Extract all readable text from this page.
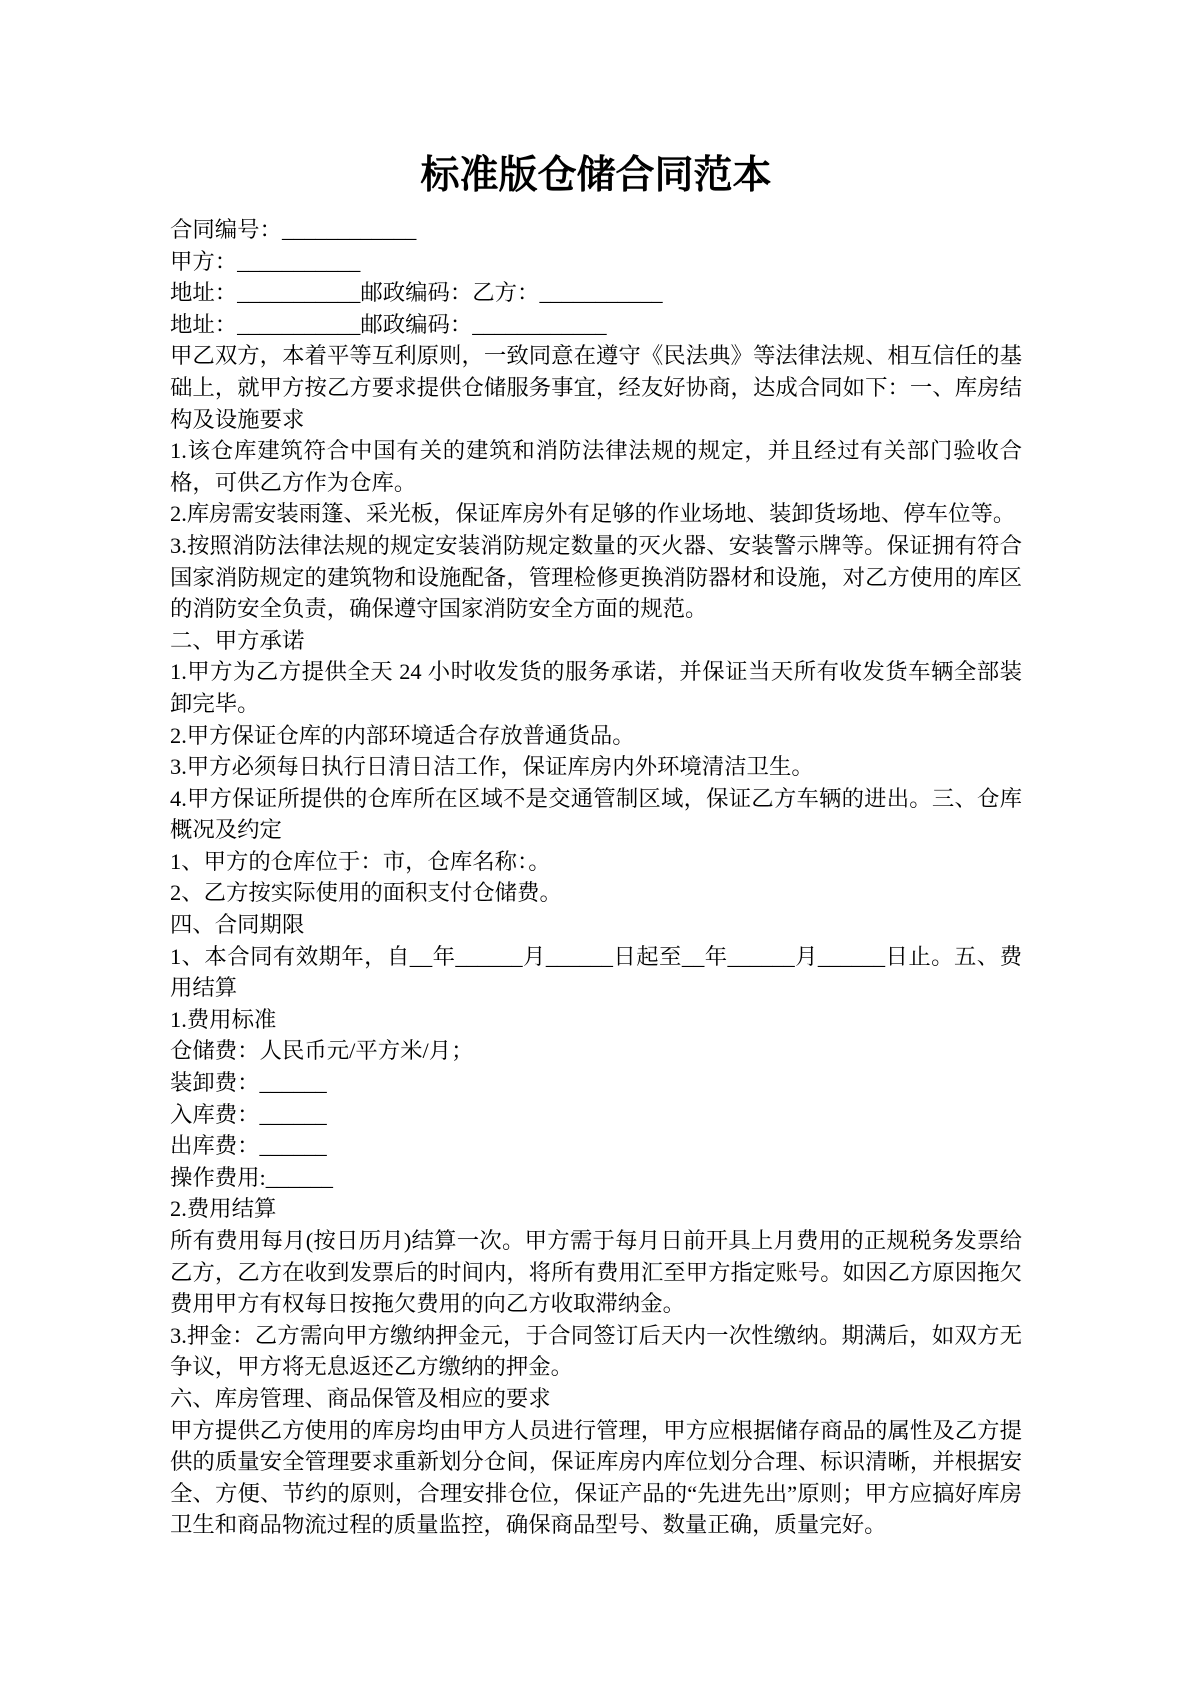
标准版仓储合同范本

合同编号：____________

甲方：___________

地址：___________邮政编码：乙方：___________

地址：___________邮政编码：____________

甲乙双方，本着平等互利原则，一致同意在遵守《民法典》等法律法规、相互信任的基础上，就甲方按乙方要求提供仓储服务事宜，经友好协商，达成合同如下：一、库房结构及设施要求

1.该仓库建筑符合中国有关的建筑和消防法律法规的规定，并且经过有关部门验收合格，可供乙方作为仓库。

2.库房需安装雨篷、采光板，保证库房外有足够的作业场地、装卸货场地、停车位等。

3.按照消防法律法规的规定安装消防规定数量的灭火器、安装警示牌等。保证拥有符合国家消防规定的建筑物和设施配备，管理检修更换消防器材和设施，对乙方使用的库区的消防安全负责，确保遵守国家消防安全方面的规范。

二、甲方承诺

1.甲方为乙方提供全天 24 小时收发货的服务承诺，并保证当天所有收发货车辆全部装卸完毕。

2.甲方保证仓库的内部环境适合存放普通货品。

3.甲方必须每日执行日清日洁工作，保证库房内外环境清洁卫生。

4.甲方保证所提供的仓库所在区域不是交通管制区域，保证乙方车辆的进出。三、仓库概况及约定

1、甲方的仓库位于：市，仓库名称：。

2、乙方按实际使用的面积支付仓储费。

四、合同期限

1、本合同有效期年，自__年______月______日起至__年______月______日止。五、费用结算

1.费用标准

仓储费：人民币元/平方米/月；

装卸费：______

入库费：______

出库费：______

操作费用:______

2.费用结算

所有费用每月(按日历月)结算一次。甲方需于每月日前开具上月费用的正规税务发票给乙方，乙方在收到发票后的时间内，将所有费用汇至甲方指定账号。如因乙方原因拖欠费用甲方有权每日按拖欠费用的向乙方收取滞纳金。

3.押金：乙方需向甲方缴纳押金元，于合同签订后天内一次性缴纳。期满后，如双方无争议，甲方将无息返还乙方缴纳的押金。

六、库房管理、商品保管及相应的要求

甲方提供乙方使用的库房均由甲方人员进行管理，甲方应根据储存商品的属性及乙方提供的质量安全管理要求重新划分仓间，保证库房内库位划分合理、标识清晰，并根据安全、方便、节约的原则，合理安排仓位，保证产品的“先进先出”原则；甲方应搞好库房卫生和商品物流过程的质量监控，确保商品型号、数量正确，质量完好。
